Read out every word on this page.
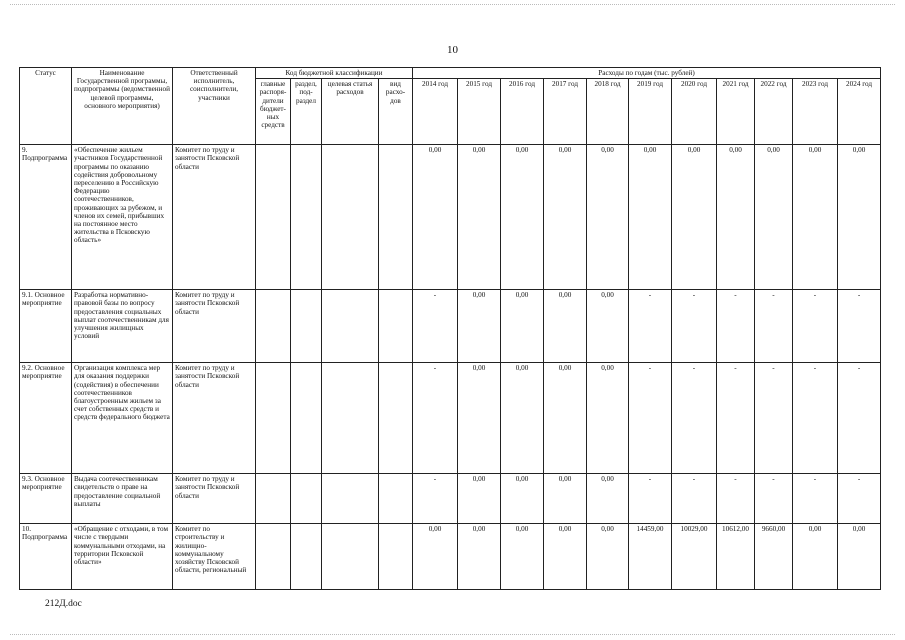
10
Статус	Наименование Государственной программы, подпрограммы (ведомственной целевой программы, основного мероприятия)	Ответственный исполнитель, соисполнители, участники	Код бюджетной классификации				Расходы по годам (тыс. рублей)										
			главные распоря-дители бюджет-ных средств	раздел, под-раздел	целевая статья расходов	вид расхо-дов	2014 год	2015 год	2016 год	2017 год	2018 год	2019 год	2020 год	2021 год	2022 год	2023 год	2024 год
9. Подпрограмма	«Обеспечение жильем участников Государственной программы по оказанию содействия добровольному переселению в Российскую Федерацию соотечественников, проживающих за рубежом, и членов их семей, прибывших на постоянное место жительства в Псковскую область»	Комитет по труду и занятости Псковской области					0,00	0,00	0,00	0,00	0,00	0,00	0,00	0,00	0,00	0,00	0,00
9.1. Основное мероприятие	Разработка нормативно-правовой базы по вопросу предоставления социальных выплат соотечественникам для улучшения жилищных условий	Комитет по труду и занятости Псковской области					-	0,00	0,00	0,00	0,00	-	-	-	-	-	-
9.2. Основное мероприятие	Организация комплекса мер для оказания поддержки (содействия) в обеспечении соотечественников благоустроенным жильем за счет собственных средств и средств федерального бюджета	Комитет по труду и занятости Псковской области					-	0,00	0,00	0,00	0,00	-	-	-	-	-	-
9.3. Основное мероприятие	Выдача соотечественникам свидетельств о праве на предоставление социальной выплаты	Комитет по труду и занятости Псковской области					-	0,00	0,00	0,00	0,00	-	-	-	-	-	-
10. Подпрограмма	«Обращение с отходами, в том числе с твердыми коммунальными отходами, на территории Псковской области»	Комитет по строительству и жилищно-коммунальному хозяйству Псковской области, региональный					0,00	0,00	0,00	0,00	0,00	14459,00	10029,00	10612,00	9660,00	0,00	0,00
212Д.doc
